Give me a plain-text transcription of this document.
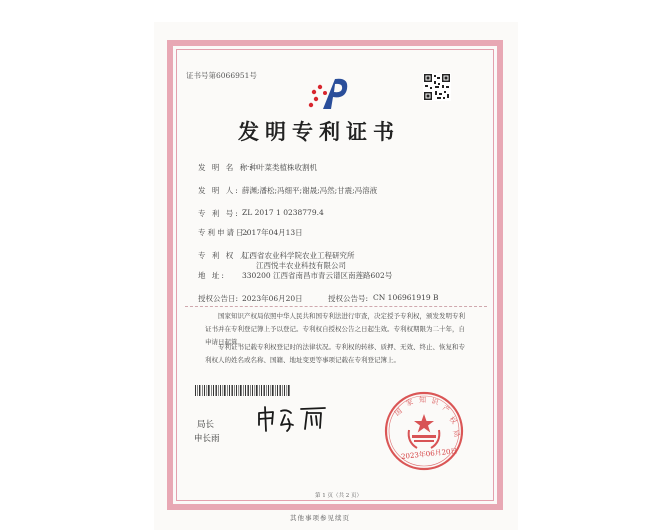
证书号第6066951号
发明专利证书
发 明 名 称:
一种叶菜类植株收割机
发 明 人: 薛渊;潘松;冯细平;谢晟;冯然;甘震;冯溶液
专 利 号: ZL 2017 1 0238779.4
专利申请日:
2017年04月13日
专 利 权 人:
江西省农业科学院农业工程研究所
江西悦丰农业科技有限公司
地 址: 330200 江西省南昌市青云谱区南莲路602号
授权公告日: 2023年06月20日	授权公告号: CN 106961919 B
国家知识产权局依照中华人民共和国专利法进行审查，决定授予专利权，颁发发明专利证书并在专利登记簿上予以登记。专利权自授权公告之日起生效。专利权期限为二十年，自申请日起算。
专利证书记载专利权登记时的法律状况。专利权的转移、质押、无效、终止、恢复和专利权人的姓名或名称、国籍、地址变更等事项记载在专利登记簿上。
局长
申长雨
国
家 知 识
产
权
局
2023年06月20日
第 1 页（共 2 页）
其他事项参见续页
